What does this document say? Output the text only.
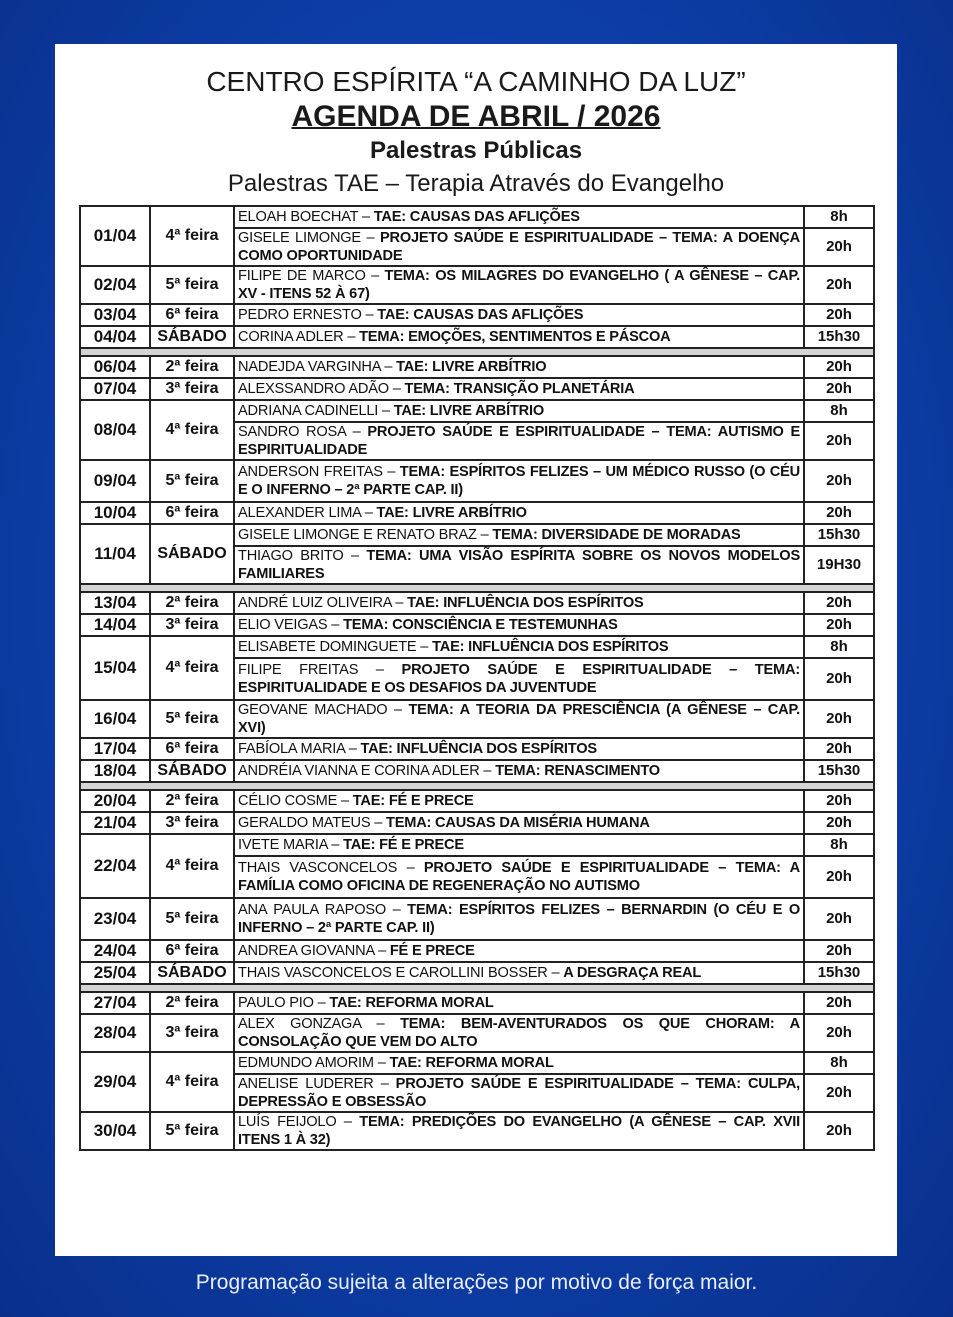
CENTRO ESPÍRITA “A CAMINHO DA LUZ”
AGENDA DE ABRIL / 2026
Palestras Públicas
Palestras TAE – Terapia Através do Evangelho
01/04	4ª feira	ELOAH BOECHAT – TAE: CAUSAS DAS AFLIÇÕES	8h
		GISELE LIMONGE – PROJETO SAÚDE E ESPIRITUALIDADE – TEMA: A DOENÇA COMO OPORTUNIDADE	20h
02/04	5ª feira	FILIPE DE MARCO – TEMA: OS MILAGRES DO EVANGELHO ( A GÊNESE – CAP. XV - ITENS 52 À 67)	20h
03/04	6ª feira	PEDRO ERNESTO – TAE: CAUSAS DAS AFLIÇÕES	20h
04/04	SÁBADO	CORINA ADLER – TEMA: EMOÇÕES, SENTIMENTOS E PÁSCOA	15h30

06/04	2ª feira	NADEJDA VARGINHA – TAE: LIVRE ARBÍTRIO	20h
07/04	3ª feira	ALEXSSANDRO ADÃO – TEMA: TRANSIÇÃO PLANETÁRIA	20h
08/04	4ª feira	ADRIANA CADINELLI – TAE: LIVRE ARBÍTRIO	8h
		SANDRO ROSA – PROJETO SAÚDE E ESPIRITUALIDADE – TEMA: AUTISMO E ESPIRITUALIDADE	20h
09/04	5ª feira	ANDERSON FREITAS – TEMA: ESPÍRITOS FELIZES – UM MÉDICO RUSSO (O CÉU E O INFERNO – 2ª PARTE CAP. II)	20h
10/04	6ª feira	ALEXANDER LIMA – TAE: LIVRE ARBÍTRIO	20h
11/04	SÁBADO	GISELE LIMONGE E RENATO BRAZ – TEMA: DIVERSIDADE DE MORADAS	15h30
		THIAGO BRITO – TEMA: UMA VISÃO ESPÍRITA SOBRE OS NOVOS MODELOS FAMILIARES	19H30

13/04	2ª feira	ANDRÉ LUIZ OLIVEIRA – TAE: INFLUÊNCIA DOS ESPÍRITOS	20h
14/04	3ª feira	ELIO VEIGAS – TEMA: CONSCIÊNCIA E TESTEMUNHAS	20h
15/04	4ª feira	ELISABETE DOMINGUETE – TAE: INFLUÊNCIA DOS ESPÍRITOS	8h
		FILIPE FREITAS – PROJETO SAÚDE E ESPIRITUALIDADE – TEMA: ESPIRITUALIDADE E OS DESAFIOS DA JUVENTUDE	20h
16/04	5ª feira	GEOVANE MACHADO – TEMA: A TEORIA DA PRESCIÊNCIA (A GÊNESE – CAP. XVI)	20h
17/04	6ª feira	FABÍOLA MARIA – TAE: INFLUÊNCIA DOS ESPÍRITOS	20h
18/04	SÁBADO	ANDRÉIA VIANNA E CORINA ADLER – TEMA: RENASCIMENTO	15h30

20/04	2ª feira	CÉLIO COSME – TAE: FÉ E PRECE	20h
21/04	3ª feira	GERALDO MATEUS – TEMA: CAUSAS DA MISÉRIA HUMANA	20h
22/04	4ª feira	IVETE MARIA – TAE: FÉ E PRECE	8h
		THAIS VASCONCELOS – PROJETO SAÚDE E ESPIRITUALIDADE – TEMA: A FAMÍLIA COMO OFICINA DE REGENERAÇÃO NO AUTISMO	20h
23/04	5ª feira	ANA PAULA RAPOSO – TEMA: ESPÍRITOS FELIZES – BERNARDIN (O CÉU E O INFERNO – 2ª PARTE CAP. II)	20h
24/04	6ª feira	ANDREA GIOVANNA – FÉ E PRECE	20h
25/04	SÁBADO	THAIS VASCONCELOS E CAROLLINI BOSSER – A DESGRAÇA REAL	15h30

27/04	2ª feira	PAULO PIO – TAE: REFORMA MORAL	20h
28/04	3ª feira	ALEX GONZAGA – TEMA: BEM-AVENTURADOS OS QUE CHORAM: A CONSOLAÇÃO QUE VEM DO ALTO	20h
29/04	4ª feira	EDMUNDO AMORIM – TAE: REFORMA MORAL	8h
		ANELISE LUDERER – PROJETO SAÚDE E ESPIRITUALIDADE – TEMA: CULPA, DEPRESSÃO E OBSESSÃO	20h
30/04	5ª feira	LUÍS FEIJOLO – TEMA: PREDIÇÕES DO EVANGELHO (A GÊNESE – CAP. XVII ITENS 1 À 32)	20h
Programação sujeita a alterações por motivo de força maior.
